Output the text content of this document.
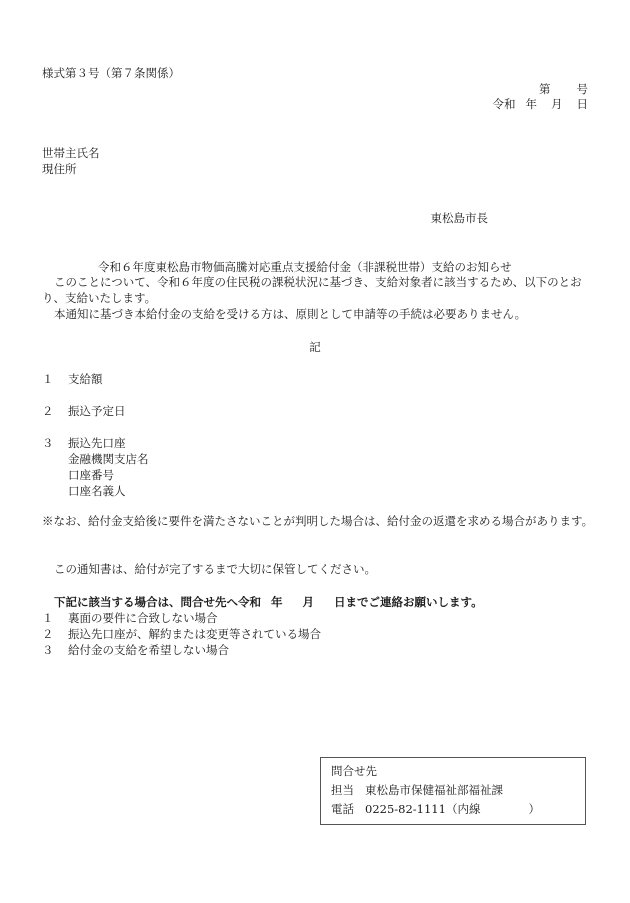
様式第３号（第７条関係）
第 号
令和 年 月 日
世帯主氏名
現住所
東松島市長
令和６年度東松島市物価高騰対応重点支援給付金（非課税世帯）支給のお知らせ
このことについて、令和６年度の住民税の課税状況に基づき、支給対象者に該当するため、以下のとおり、支給いたします。
本通知に基づき本給付金の支給を受ける方は、原則として申請等の手続は必要ありません。
記
１ 支給額
２ 振込予定日
３ 振込先口座
金融機関支店名
口座番号
口座名義人
※なお、給付金支給後に要件を満たさないことが判明した場合は、給付金の返還を求める場合があります。
この通知書は、給付が完了するまで大切に保管してください。
下記に該当する場合は、問合せ先へ令和 年 月 日までご連絡お願いします。
１ 裏面の要件に合致しない場合
２ 振込先口座が、解約または変更等されている場合
３ 給付金の支給を希望しない場合
問合せ先
担当 東松島市保健福祉部福祉課
電話 0225-82-1111（内線	）
